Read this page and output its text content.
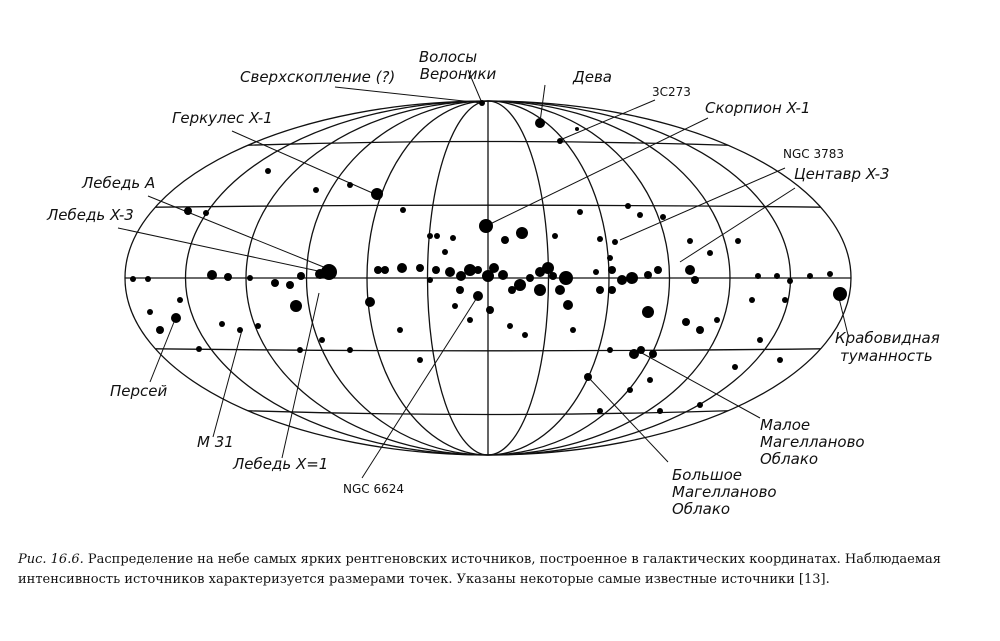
Волосы
Вероники
Сверхскопление (?)	Дева
3C273
Скорпион X-1
Геркулес X-1
NGC 3783
Лебедь А	Центавр X-3
Лебедь X-3
Крабовидная
туманность
Персей
Малое
Магелланово
Облако
M 31
Лебедь X=1
Большое
Магелланово
Облако
NGC 6624

Рис. 16.6. Распределение на небе самых ярких рентгеновских источников, построенное в галактических координатах. Наблюдаемая интенсивность источников характеризуется размерами точек. Указаны некоторые самые известные источники [13].
